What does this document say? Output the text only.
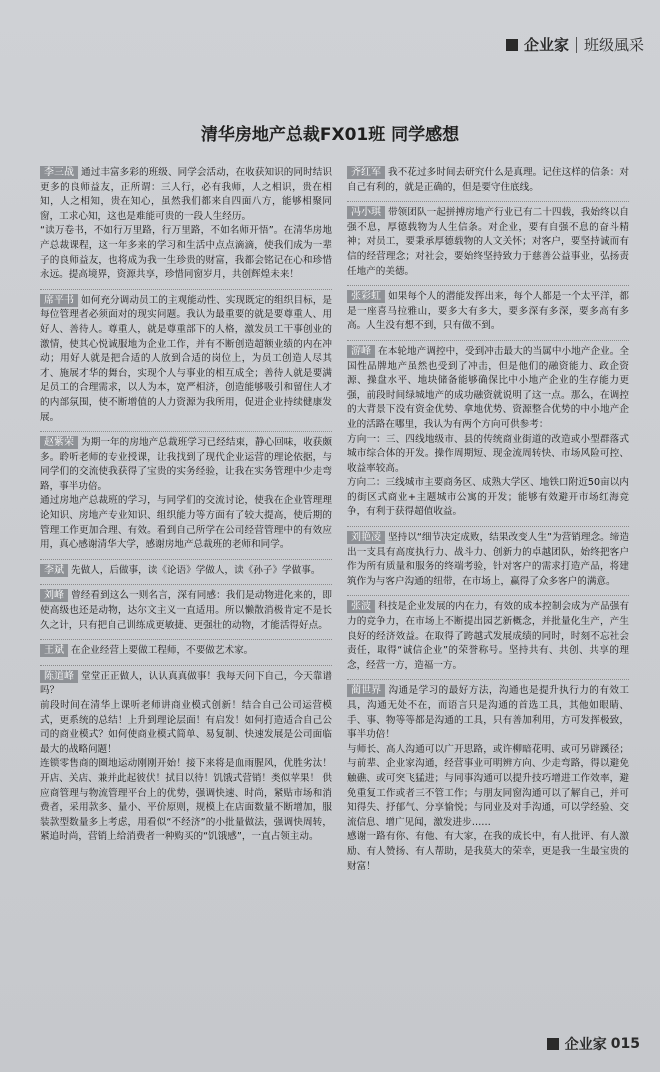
企业家 班级風采
清华房地产总裁FX01班 同学感想

李三战 通过丰富多彩的班级、同学会活动，在收获知识的同时结识更多的良师益友，正所谓：三人行，必有我师，人之相识，贵在相知，人之相知，贵在知心，虽然我们都来自四面八方，能够相聚同窗，工求心知，这也是难能可贵的一段人生经历。

“读万卷书，不如行万里路，行万里路，不如名师开悟”。在清华房地产总裁课程，这一年多来的学习和生活中点点滴滴，使我们成为一辈子的良师益友，也将成为我一生珍贵的财富，我都会铭记在心和珍惜永远。提高境界，资源共享，珍惜同窗岁月，共创辉煌未来！

席平书 如何充分调动员工的主观能动性、实现既定的组织目标，是每位管理者必须面对的现实问题。我认为最重要的就是要尊重人、用好人、善待人。尊重人，就是尊重部下的人格，激发员工干事创业的激情，使其心悦诚服地为企业工作，并有不断创造超额业绩的内在冲动；用好人就是把合适的人放到合适的岗位上，为员工创造人尽其才、施展才华的舞台，实现个人与事业的相互成全；善待人就是要满足员工的合理需求，以人为本，宽严相济，创造能够吸引和留住人才的内部氛围，使不断增值的人力资源为我所用，促进企业持续健康发展。

赵紫荣 为期一年的房地产总裁班学习已经结束，静心回味，收获颇多。聆听老师的专业授课，让我找到了现代企业运营的理论依据，与同学们的交流使我获得了宝贵的实务经验，让我在实务管理中少走弯路，事半功倍。

通过房地产总裁班的学习，与同学们的交流讨论，使我在企业管理理论知识、房地产专业知识、组织能力等方面有了较大提高，使后期的管理工作更加合理、有效。看到自己所学在公司经营管理中的有效应用，真心感谢清华大学，感谢房地产总裁班的老师和同学。

李斌 先做人，后做事，读《论语》学做人，读《孙子》学做事。

刘峰 曾经看到这么一则名言，深有同感：我们是动物进化来的，即使高级也还是动物，达尔文主义一直适用。所以懒散消极肯定不是长久之计，只有把自己训练成更敏捷、更强壮的动物，才能活得好点。

王斌 在企业经营上要做工程师，不要做艺术家。

陈道峰 堂堂正正做人，认认真真做事！我每天问下自己，今天靠谱吗？

前段时间在清华上课听老师讲商业模式创新！结合自己公司运营模式，更系统的总结！上升到理论层面！有启发！如何打造适合自己公司的商业模式？如何使商业模式简单、易复制、快速发展是公司面临最大的战略问题！

连锁零售商的圈地运动刚刚开始！接下来将是血雨腥风，优胜劣汰！开店、关店、兼并此起彼伏！拭目以待！饥饿式营销！类似苹果！ 供应商管理与物流管理平台上的优势，强调快速、时尚，紧贴市场和消费者，采用款多、量小、平价原则，规模上在店面数量不断增加，服装款型数量多上考虑，用看似“不经济”的小批量做法，强调快周转，紧追时尚，营销上给消费者一种购买的“饥饿感”，一直占领主动。

齐红军 我不花过多时间去研究什么是真理。记住这样的信条：对自己有利的，就是正确的，但是要守住底线。

冯小琪 带领团队一起拼搏房地产行业已有二十四载，我始终以自强不息，厚德载物为人生信条。对企业，要有自强不息的奋斗精神；对员工，要秉承厚德载物的人文关怀；对客户，要坚持诚而有信的经营理念；对社会，要始终坚持致力于慈善公益事业，弘扬责任地产的美德。

张彩虹 如果每个人的潜能发挥出来，每个人都是一个太平洋，都是一座喜马拉雅山，要多大有多大，要多深有多深，要多高有多高。人生没有想不到，只有做不到。

游峰 在本轮地产调控中，受到冲击最大的当属中小地产企业。全国性品牌地产虽然也受到了冲击，但是他们的融资能力、政企资源、操盘水平、地块储备能够确保比中小地产企业的生存能力更强，前段时间绿城地产的成功融资就说明了这一点。那么，在调控的大背景下没有资金优势、拿地优势、资源整合优势的中小地产企业的活路在哪里，我认为有两个方向可供参考：

方向一：三、四线地级市、县的传统商业街道的改造或小型群落式城市综合体的开发。操作周期短、现金流周转快、市场风险可控、收益率较高。

方向二：三线城市主要商务区、成熟大学区、地铁口附近50亩以内的街区式商业+主题城市公寓的开发；能够有效避开市场红海竞争，有利于获得超值收益。

刘艳凌 坚持以“细节决定成败，结果改变人生”为营销理念。缔造出一支具有高度执行力、战斗力、创新力的卓越团队，始终把客户作为所有质量和服务的终端考验，针对客户的需求打造产品，将建筑作为与客户沟通的纽带，在市场上，赢得了众多客户的满意。

张波 科技是企业发展的内在力，有效的成本控制会成为产品强有力的竞争力，在市场上不断提出园艺新概念，并批量化生产，产生良好的经济效益。在取得了跨越式发展成绩的同时，时刻不忘社会责任，取得“诚信企业”的荣誉称号。坚持共有、共创、共享的理念，经营一方，造福一方。

蔺世界 沟通是学习的最好方法，沟通也是提升执行力的有效工具，沟通无处不在，而语言只是沟通的首选工具，其他如眼睛、手、事、物等等都是沟通的工具，只有善加利用，方可发挥极致，事半功倍！

与师长、高人沟通可以广开思路，或许柳暗花明、或可另辟蹊径；与前辈、企业家沟通，经营事业可明辨方向、少走弯路，得以避免触礁、或可突飞猛进；与同事沟通可以提升技巧增进工作效率，避免重复工作或者三不管工作；与朋友同窗沟通可以了解自己，并可知得失、抒郁气、分享愉悦；与同业及对手沟通，可以学经验、交流信息、增广见闻，激发进步……

感谢一路有你、有他、有大家，在我的成长中，有人批评、有人激励、有人赞扬、有人帮助，是我莫大的荣幸，更是我一生最宝贵的财富！

企业家 015
